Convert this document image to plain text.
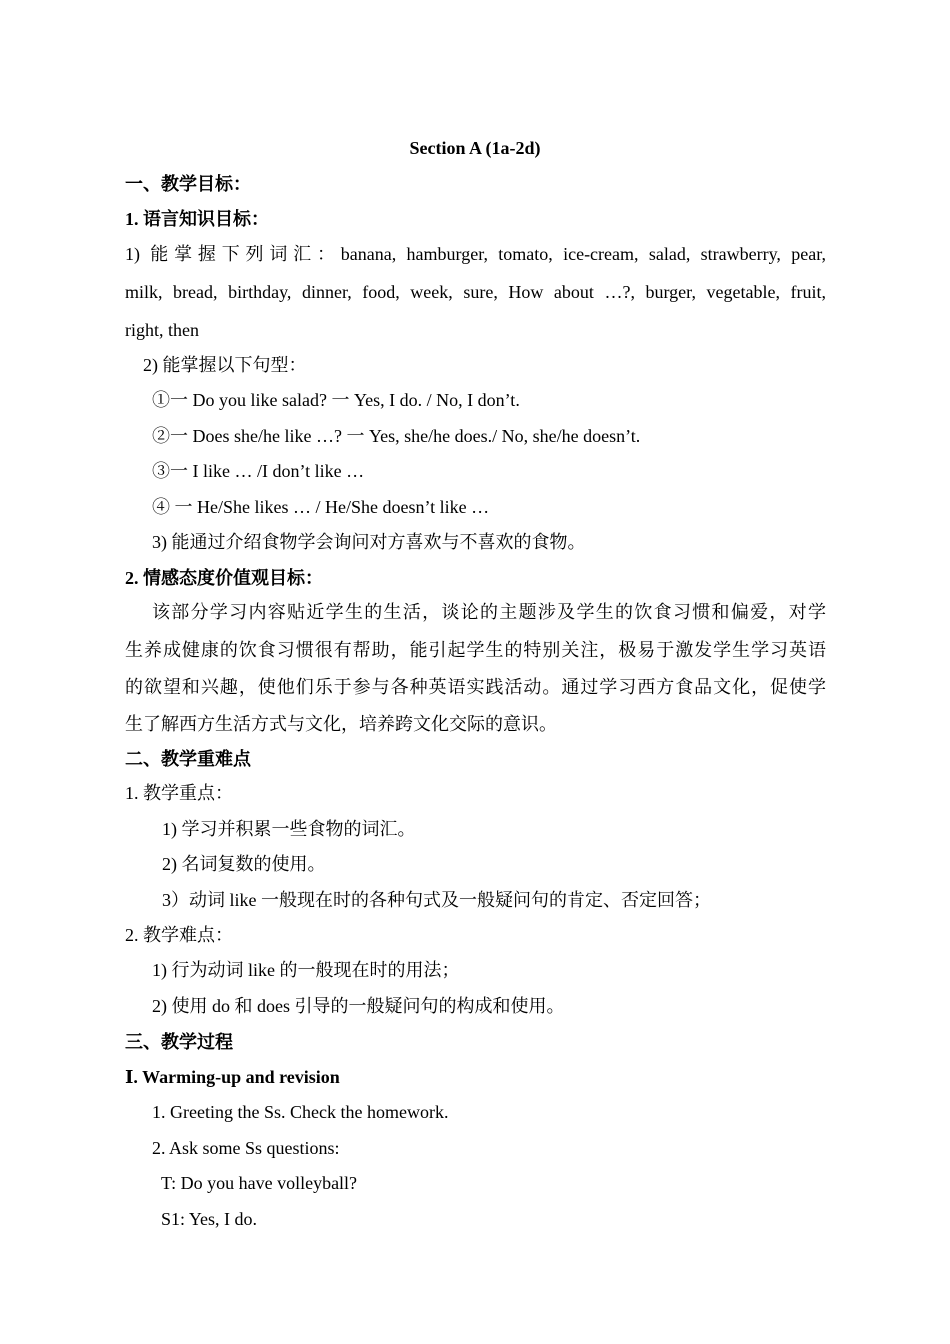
Section A (1a-2d)
一、教学目标：
1. 语言知识目标：
1) 能掌握下列词汇：banana, hamburger, tomato, ice-cream, salad, strawberry, pear,
milk, bread, birthday, dinner, food, week, sure, How about …?, burger, vegetable, fruit,
right, then
2) 能掌握以下句型：
①一 Do you like salad? 一 Yes, I do. / No, I don’t.
②一 Does she/he like …? 一 Yes, she/he does./ No, she/he doesn’t.
③一 I like … /I don’t like …
④ 一 He/She likes … / He/She doesn’t like …
3) 能通过介绍食物学会询问对方喜欢与不喜欢的食物。
2. 情感态度价值观目标：
该部分学习内容贴近学生的生活，谈论的主题涉及学生的饮食习惯和偏爱，对学
生养成健康的饮食习惯很有帮助，能引起学生的特别关注，极易于激发学生学习英语
的欲望和兴趣，使他们乐于参与各种英语实践活动。通过学习西方食品文化，促使学
生了解西方生活方式与文化，培养跨文化交际的意识。
二、教学重难点
1. 教学重点：
1) 学习并积累一些食物的词汇。
2) 名词复数的使用。
3）动词 like 一般现在时的各种句式及一般疑问句的肯定、否定回答；
2. 教学难点：
1) 行为动词 like 的一般现在时的用法；
2) 使用 do 和 does 引导的一般疑问句的构成和使用。
三、教学过程
Ⅰ. Warming-up and revision
1. Greeting the Ss. Check the homework.
2. Ask some Ss questions:
T: Do you have volleyball?
S1: Yes, I do.
